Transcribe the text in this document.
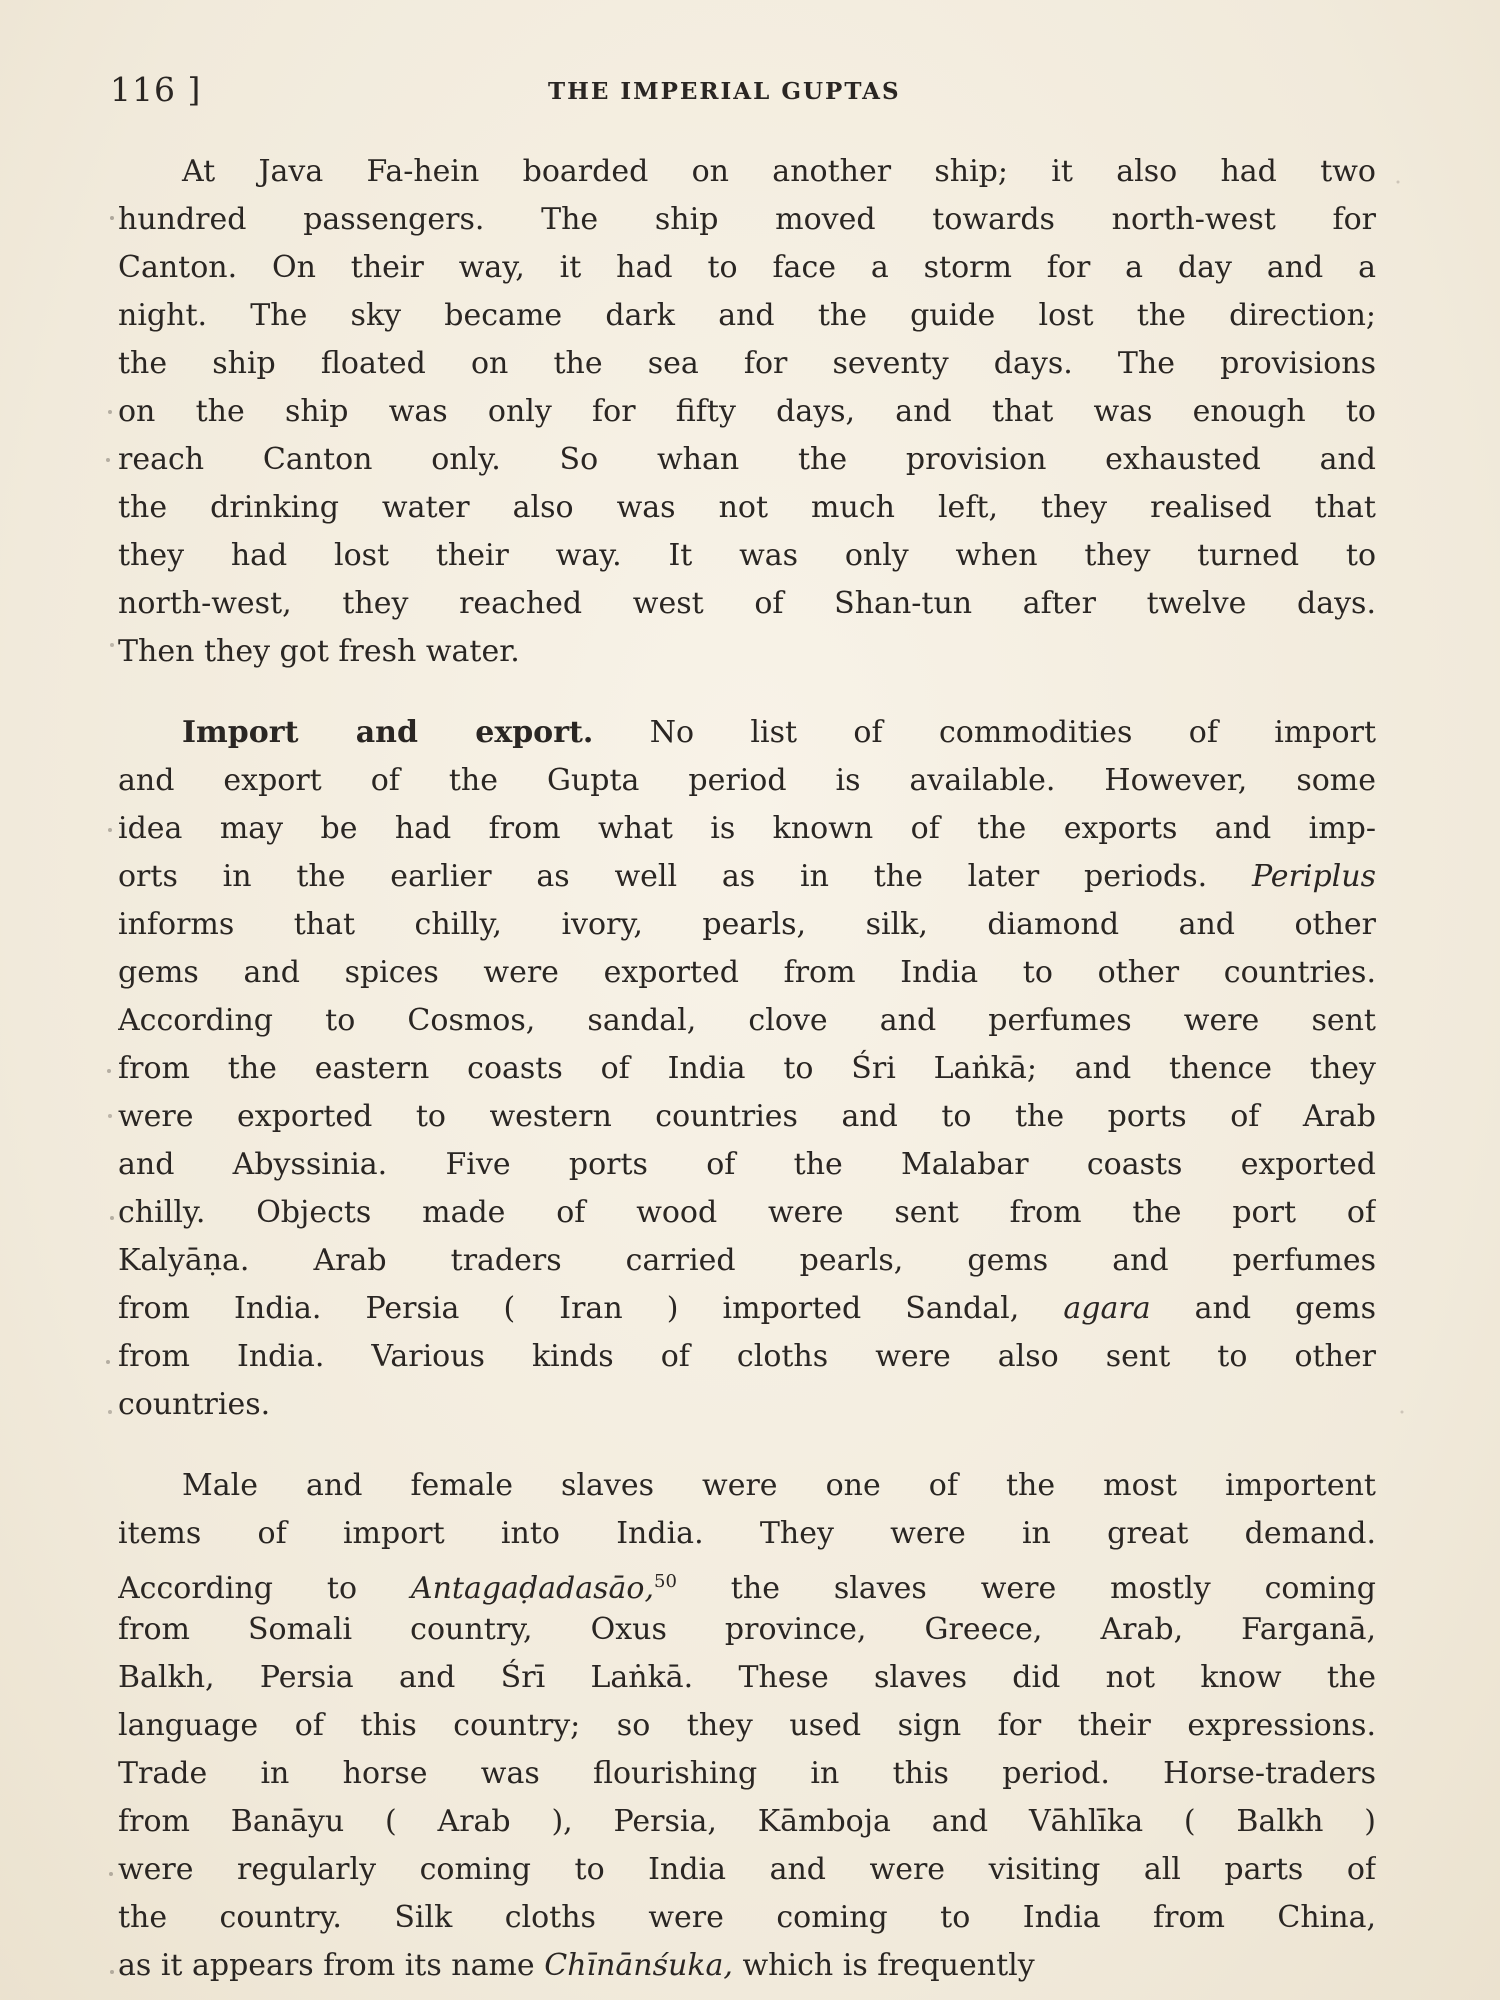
116 ]	THE IMPERIAL GUPTAS
At Java Fa-hein boarded on another ship; it also had two
hundred passengers. The ship moved towards north-west for
Canton. On their way, it had to face a storm for a day and a
night. The sky became dark and the guide lost the direction;
the ship floated on the sea for seventy days. The provisions
on the ship was only for fifty days, and that was enough to
reach Canton only. So whan the provision exhausted and
the drinking water also was not much left, they realised that
they had lost their way. It was only when they turned to
north-west, they reached west of Shan-tun after twelve days.
Then they got fresh water.
Import and export. No list of commodities of import
and export of the Gupta period is available. However, some
idea may be had from what is known of the exports and imp-
orts in the earlier as well as in the later periods. Periplus
informs that chilly, ivory, pearls, silk, diamond and other
gems and spices were exported from India to other countries.
According to Cosmos, sandal, clove and perfumes were sent
from the eastern coasts of India to Śri Laṅkā; and thence they
were exported to western countries and to the ports of Arab
and Abyssinia. Five ports of the Malabar coasts exported
chilly. Objects made of wood were sent from the port of
Kalyāṇa. Arab traders carried pearls, gems and perfumes
from India. Persia ( Iran ) imported Sandal, agara and gems
from India. Various kinds of cloths were also sent to other
countries.
Male and female slaves were one of the most importent
items of import into India. They were in great demand.
According to Antagaḍadasāo,$^{50}$ the slaves were mostly coming
from Somali country, Oxus province, Greece, Arab, Farganā,
Balkh, Persia and Śrī Laṅkā. These slaves did not know the
language of this country; so they used sign for their expressions.
Trade in horse was flourishing in this period. Horse-traders
from Banāyu ( Arab ), Persia, Kāmboja and Vāhlīka ( Balkh )
were regularly coming to India and were visiting all parts of
the country. Silk cloths were coming to India from China,
as it appears from its name Chīnānśuka, which is frequently
